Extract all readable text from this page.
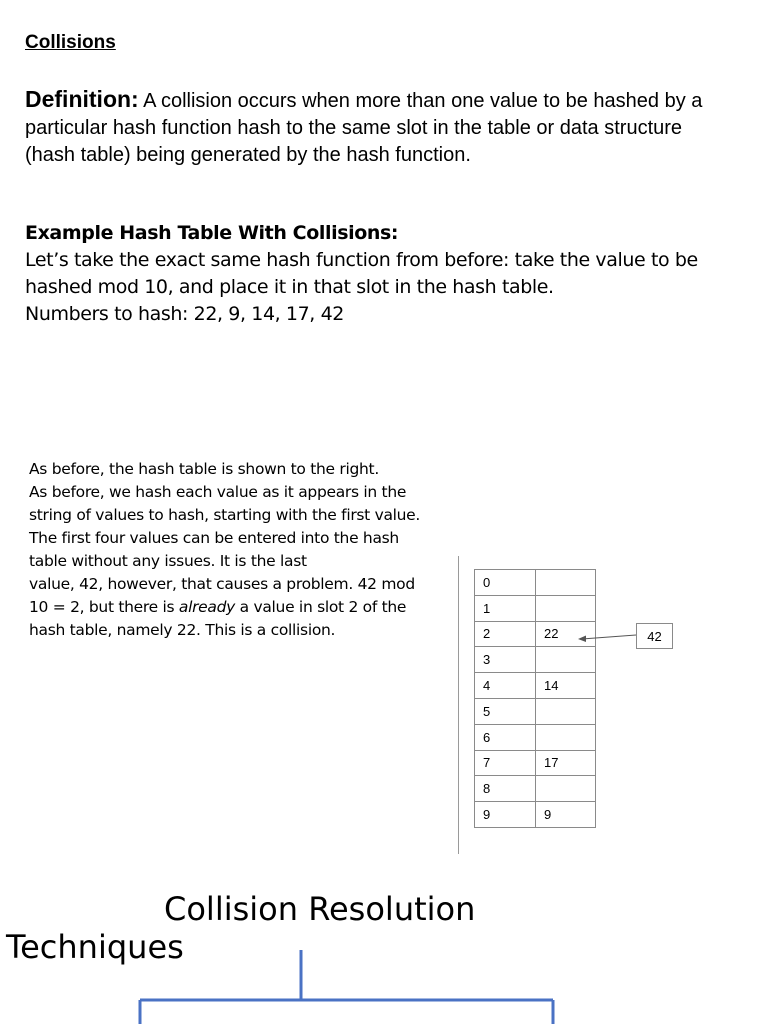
Collisions
Definition: A collision occurs when more than one value to be hashed by a particular hash function hash to the same slot in the table or data structure (hash table) being generated by the hash function.
Example Hash Table With Collisions:
Let’s take the exact same hash function from before: take the value to be
hashed mod 10, and place it in that slot in the hash table.
Numbers to hash: 22, 9, 14, 17, 42
As before, the hash table is shown to the right.
As before, we hash each value as it appears in the
string of values to hash, starting with the first value.
The first four values can be entered into the hash
table without any issues. It is the last
value, 42, however, that causes a problem. 42 mod
10 = 2, but there is already a value in slot 2 of the
hash table, namely 22. This is a collision.
0	
1	
2	22
3	
4	14
5	
6	
7	17
8	
9	9
42
Collision Resolution
Techniques
